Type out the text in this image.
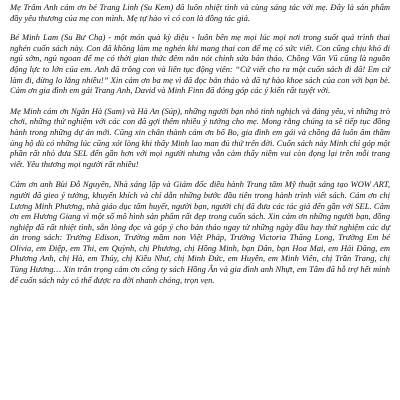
Mẹ Trâm Anh cám ơn bé Trang Linh (Su Kem) đã luôn nhiệt tình và cùng sáng tác với mẹ. Đây là sản phẩm đầy yêu thương của mẹ con mình. Mẹ tự hào vì có con là đồng tác giả.

Bé Minh Lam (Su Bư Chạ) - một món quà kỳ diệu - luôn bên mẹ mọi lúc mọi nơi trong suốt quá trình thai nghén cuốn sách này. Con đã không làm mẹ nghén khi mang thai con để mẹ có sức viết. Con cũng chịu khó đi ngủ sớm, ngủ ngoan để mẹ có thời gian thức đêm nắn nót chỉnh sửa bản thảo. Chồng Văn Vũ cũng là nguồn động lực to lớn của em. Anh đã trông con và liên tục động viên: “Cứ viết cho ra một cuốn sách đi đã! Em cứ làm đi, đừng lo lắng nhiều!” Xin cảm ơn ba mẹ vì đã đọc bản thảo và đã tự hào khoe sách của con với bạn bè. Cảm ơn gia đình em gái Trang Anh, David và Minh Finn đã đóng góp các ý kiến rất tuyệt vời.

Mẹ Minh cám ơn Ngân Hà (Sam) và Hà An (Súp), những người bạn nhỏ tinh nghịch và đáng yêu, vì những trò chơi, những thử nghiệm với các con đã gợi thêm nhiều ý tưởng cho mẹ. Mong rằng chúng ta sẽ tiếp tục đồng hành trong những dự án mới. Cũng xin chân thành cám ơn bố Bo, gia đình em gái và chồng đã luôn âm thầm ủng hộ dù có những lúc cũng xót lòng khi thấy Minh lao man đủ thứ trên đời. Cuốn sách này Minh chỉ góp một phần rất nhỏ đưa SEL đến gần hơn với mọi người nhưng vẫn cảm thấy niềm vui còn đọng lại trên mỗi trang viết. Yêu thương mọi người rất nhiều!

Cảm ơn anh Bùi Đỗ Nguyên, Nhà sáng lập và Giám đốc điều hành Trung tâm Mỹ thuật sáng tạo WOW ART, người đã gieo ý tưởng, khuyến khích và chỉ dẫn những bước đầu tiên trong hành trình viết sách. Cám ơn chị Lương Minh Phương, nhà giáo dục tâm huyết, người bạn, người chị đã đưa các tác giả đến gần với SEL. Cảm ơn em Hương Giang vì một số mô hình sản phẩm rất đẹp trong cuốn sách. Xin cảm ơn những người bạn, đồng nghiệp đã rất nhiệt tình, sẵn lòng đọc và góp ý cho bản thảo ngay từ những ngày đầu hay thử nghiệm các dự án trong sách: Trường Edison, Trường mầm non Việt Pháp, Trường Victoria Thăng Long, Trường Em bé Olivia, em Điệp, em Thi, em Quỳnh, chị Phương, chị Hồng Minh, bạn Dân, bạn Hoa Mai, em Hải Đăng, em Phương Anh, chị Hà, em Thủy, chị Kiều Như, chị Minh Đức, em Huyền, em Minh Viên, chị Trần Trang, chị Tùng Hương… Xin trân trọng cảm ơn công ty sách Hồng Ân và gia đình anh Nhựt, em Tâm đã hỗ trợ hết mình để cuốn sách này có thể được ra đời nhanh chóng, trọn vẹn.
